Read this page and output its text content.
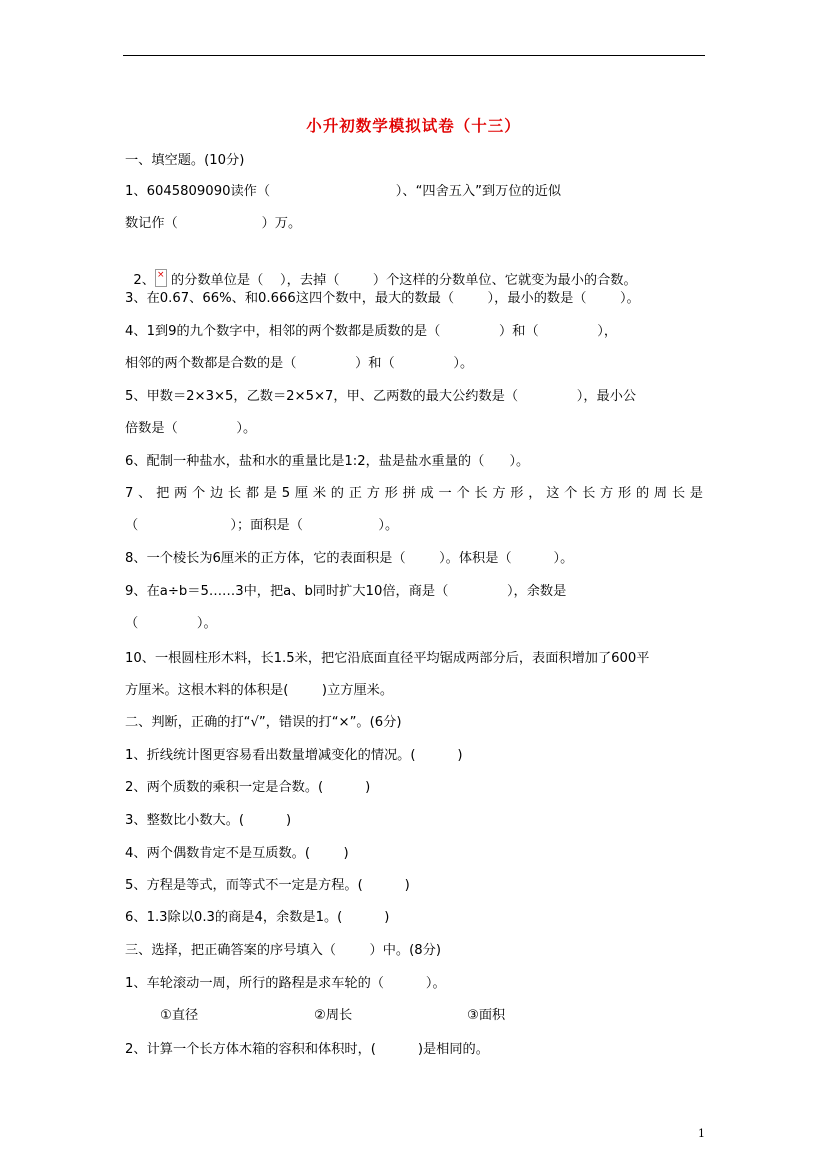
小升初数学模拟试卷（十三）
一、填空题。(10分)
1、6045809090读作（                              ）、“四舍五入”到万位的近似
数记作（                    ）万。

2、 × 的分数单位是（    ），去掉（        ）个这样的分数单位、它就变为最小的合数。

3、在0.67、66%、和0.666这四个数中，最大的数最（        ），最小的数是（        ）。
4、1到9的九个数字中，相邻的两个数都是质数的是（              ）和（              ），
相邻的两个数都是合数的是（              ）和（              ）。
5、甲数＝2×3×5，乙数＝2×5×7，甲、乙两数的最大公约数是（              ），最小公
倍数是（              ）。
6、配制一种盐水，盐和水的重量比是1:2，盐是盐水重量的（      ）。
7、把两个边长都是5厘米的正方形拼成一个长方形，这个长方形的周长是
（                      ）；面积是（                  ）。
8、一个棱长为6厘米的正方体，它的表面积是（        ）。体积是（          ）。
9、在a÷b＝5……3中，把a、b同时扩大10倍，商是（              ），余数是
（              ）。
10、一根圆柱形木料，长1.5米，把它沿底面直径平均锯成两部分后，表面积增加了600平
方厘米。这根木料的体积是(        )立方厘米。
二、判断，正确的打“√”，错误的打“×”。(6分)
1、折线统计图更容易看出数量增减变化的情况。(          )
2、两个质数的乘积一定是合数。(          )
3、整数比小数大。(          )
4、两个偶数肯定不是互质数。(        )
5、方程是等式，而等式不一定是方程。(          )
6、1.3除以0.3的商是4，余数是1。(          )
三、选择，把正确答案的序号填入（        ）中。(8分)
1、车轮滚动一周，所行的路程是求车轮的（          ）。
①直径	②周长	③面积
2、计算一个长方体木箱的容积和体积时，(          )是相同的。
1
